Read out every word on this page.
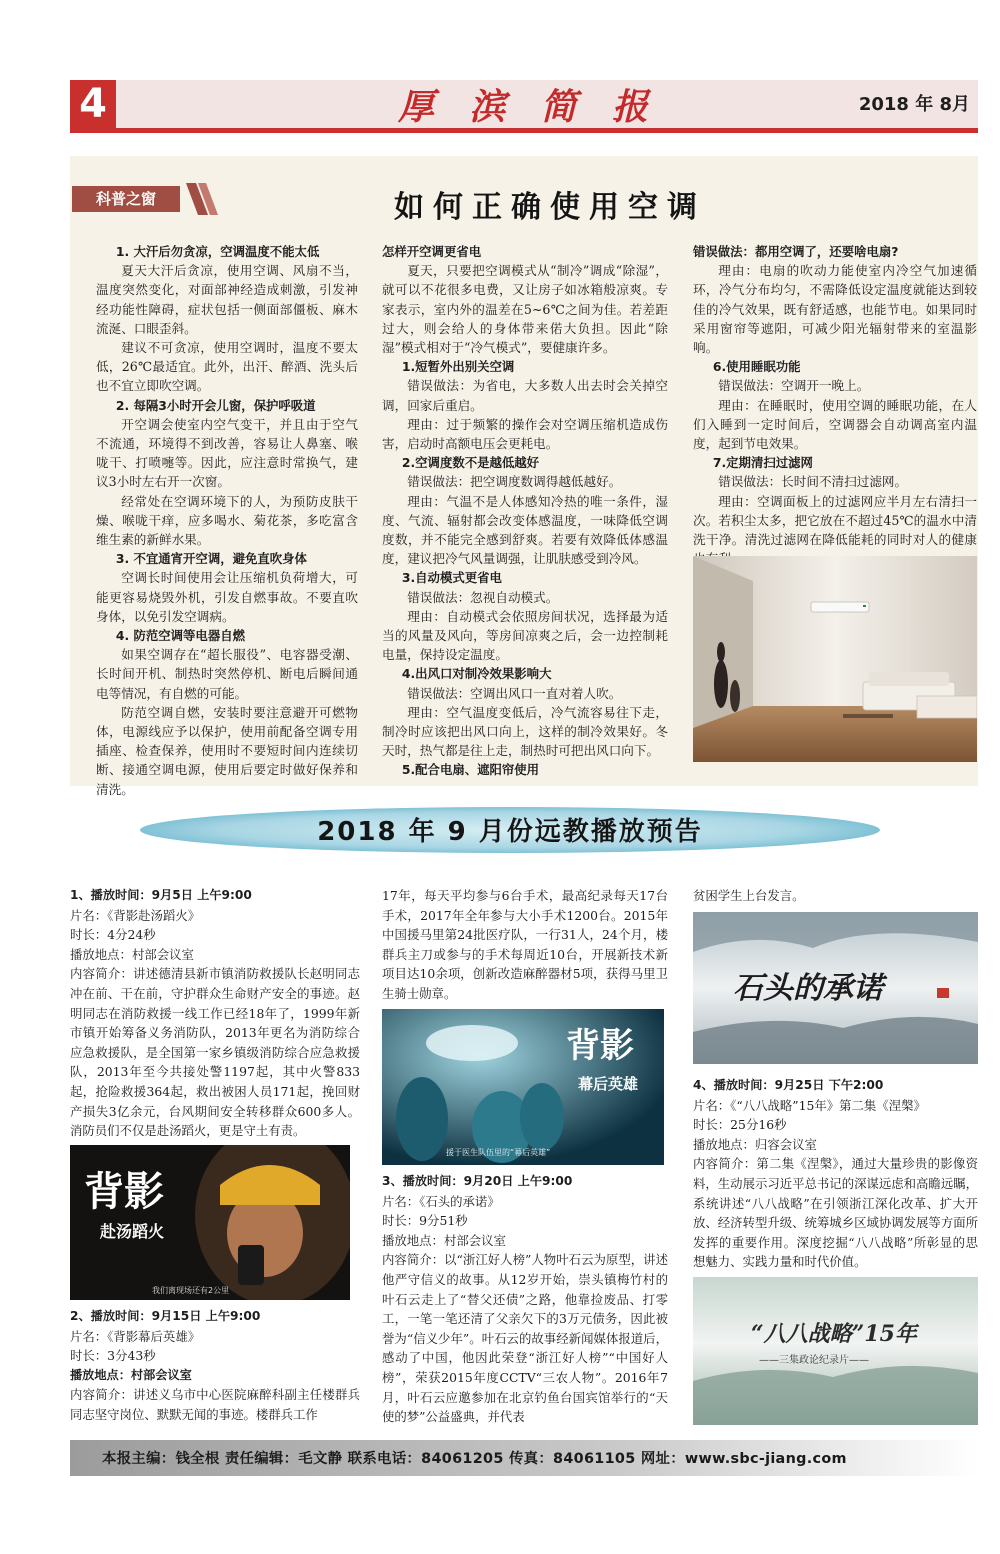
4	厚 滨 简 报	2018 年 8月
科普之窗	如何正确使用空调
1. 大汗后勿贪凉，空调温度不能太低

夏天大汗后贪凉，使用空调、风扇不当，温度突然变化，对面部神经造成刺激，引发神经功能性障碍，症状包括一侧面部僵板、麻木流涎、口眼歪斜。

建议不可贪凉，使用空调时，温度不要太低，26℃最适宜。此外，出汗、醉酒、洗头后也不宜立即吹空调。

2. 每隔3小时开会儿窗，保护呼吸道

开空调会使室内空气变干，并且由于空气不流通，环境得不到改善，容易让人鼻塞、喉咙干、打喷嚏等。因此，应注意时常换气，建议3小时左右开一次窗。

经常处在空调环境下的人，为预防皮肤干燥、喉咙干痒，应多喝水、菊花茶，多吃富含维生素的新鲜水果。

3. 不宜通宵开空调，避免直吹身体

空调长时间使用会让压缩机负荷增大，可能更容易烧毁外机，引发自燃事故。不要直吹身体，以免引发空调病。

4. 防范空调等电器自燃

如果空调存在“超长服役”、电容器受潮、长时间开机、制热时突然停机、断电后瞬间通电等情况，有自燃的可能。

防范空调自燃，安装时要注意避开可燃物体，电源线应予以保护，使用前配备空调专用插座、检查保养，使用时不要短时间内连续切断、接通空调电源，使用后要定时做好保养和清洗。

怎样开空调更省电

夏天，只要把空调模式从“制冷”调成“除湿”，就可以不花很多电费，又让房子如冰箱般凉爽。专家表示，室内外的温差在5~6℃之间为佳。若差距过大，则会给人的身体带来偌大负担。因此“除湿”模式相对于“冷气模式”，要健康许多。

1.短暂外出别关空调

错误做法：为省电，大多数人出去时会关掉空调，回家后重启。

理由：过于频繁的操作会对空调压缩机造成伤害，启动时高额电压会更耗电。

2.空调度数不是越低越好

错误做法：把空调度数调得越低越好。

理由：气温不是人体感知冷热的唯一条件，湿度、气流、辐射都会改变体感温度，一味降低空调度数，并不能完全感到舒爽。若要有效降低体感温度，建议把冷气风量调强，让肌肤感受到冷风。

3.自动模式更省电

错误做法：忽视自动模式。

理由：自动模式会依照房间状况，选择最为适当的风量及风向，等房间凉爽之后，会一边控制耗电量，保持设定温度。

4.出风口对制冷效果影响大

错误做法：空调出风口一直对着人吹。

理由：空气温度变低后，冷气流容易往下走，制冷时应该把出风口向上，这样的制冷效果好。冬天时，热气都是往上走，制热时可把出风口向下。

5.配合电扇、遮阳帘使用
错误做法：都用空调了，还要啥电扇?

理由：电扇的吹动力能使室内冷空气加速循环，冷气分布均匀，不需降低设定温度就能达到较佳的冷气效果，既有舒适感，也能节电。如果同时采用窗帘等遮阳，可减少阳光辐射带来的室温影响。

6.使用睡眠功能

错误做法：空调开一晚上。

理由：在睡眠时，使用空调的睡眠功能，在人们入睡到一定时间后，空调器会自动调高室内温度，起到节电效果。

7.定期清扫过滤网

错误做法：长时间不清扫过滤网。

理由：空调面板上的过滤网应半月左右清扫一次。若积尘太多，把它放在不超过45℃的温水中清洗干净。清洗过滤网在降低能耗的同时对人的健康

2018 年 9 月份远教播放预告
1、播放时间：9月5日 上午9:00
片名：《背影赴汤蹈火》
时长：4分24秒
播放地点：村部会议室
内容简介：讲述德清县新市镇消防救援队长赵明同志冲在前、干在前，守护群众生命财产安全的事迹。赵明同志在消防救援一线工作已经18年了，1999年新市镇开始筹备义务消防队，2013年更名为消防综合应急救援队，是全国第一家乡镇级消防综合应急救援队，2013年至今共接处警1197起，其中火警833起，抢险救援364起，救出被困人员171起，挽回财产损失3亿余元，台风期间安全转移群众600多人。消防员们不仅是赴汤蹈火，更是守土有责。
2、播放时间：9月15日 上午9:00
片名：《背影幕后英雄》
时长：3分43秒
播放地点：村部会议室
内容简介：讲述义乌市中心医院麻醉科副主任楼群兵同志坚守岗位、默默无闻的事迹。楼群兵工作
17年，每天平均参与6台手术，最高纪录每天17台手术，2017年全年参与大小手术1200台。2015年中国援马里第24批医疗队，一行31人，24个月，楼群兵主刀或参与的手术每周近10台，开展新技术新项目达10余项，创新改造麻醉器材5项，获得马里卫生骑士勋章。
3、播放时间：9月20日 上午9:00
片名：《石头的承诺》
时长：9分51秒
播放地点：村部会议室
内容简介：以“浙江好人榜”人物叶石云为原型，讲述他严守信义的故事。从12岁开始，崇头镇梅竹村的叶石云走上了“替父还债”之路，他靠捡废品、打零工，一笔一笔还清了父亲欠下的3万元债务，因此被誉为“信义少年”。叶石云的故事经新闻媒体报道后，感动了中国，他因此荣登“浙江好人榜”“中国好人榜”，荣获2015年度CCTV“三农人物”。2016年7月，叶石云应邀参加在北京钓鱼台国宾馆举行的“天使的梦”公益盛典，并代表
贫困学生上台发言。
4、播放时间：9月25日 下午2:00
片名：《“八八战略”15年》第二集《涅槃》
时长：25分16秒
播放地点：归容会议室
内容简介：第二集《涅槃》，通过大量珍贵的影像资料，生动展示习近平总书记的深谋远虑和高瞻远瞩，系统讲述“八八战略”在引领浙江深化改革、扩大开放、经济转型升级、统筹城乡区域协调发展等方面所发挥的重要作用。深度挖掘“八八战略”所彰显的思想魅力、实践力量和时代价值。
背影
赴汤蹈火
我们离现场还有2公里
背影
幕后英雄
援于医生队伍里的“幕后英雄”
石头的承诺
“八八战略”15年
——三集政论纪录片——
本报主编：钱全根 责任编辑：毛文静 联系电话：84061205 传真：84061105 网址：www.sbc-jiang.com
